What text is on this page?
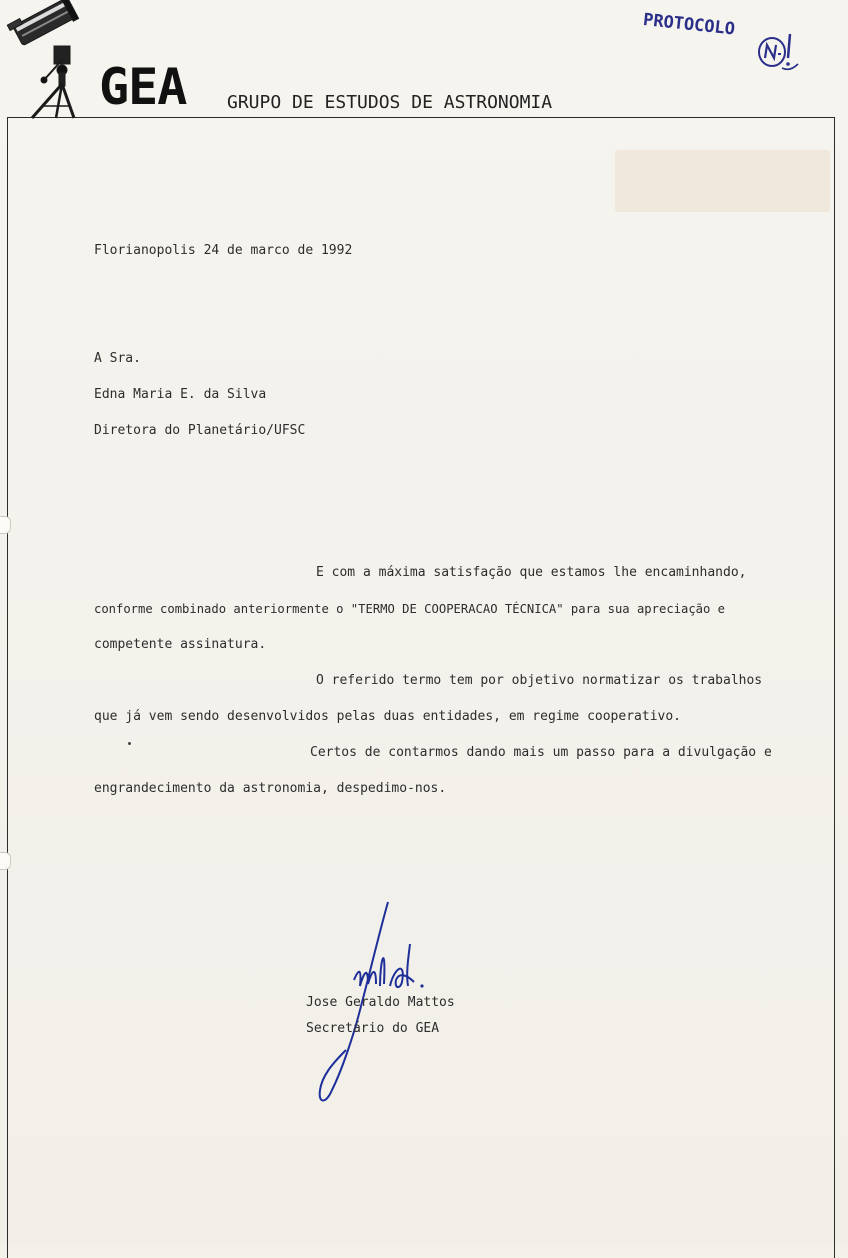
GEA GRUPO DE ESTUDOS DE ASTRONOMIA
PROTOCOLO
Florianopolis 24 de marco de 1992
A Sra.
Edna Maria E. da Silva
Diretora do Planetário/UFSC
E com a máxima satisfação que estamos lhe encaminhando,
conforme combinado anteriormente o "TERMO DE COOPERACAO TÉCNICA" para sua apreciação e
competente assinatura.
O referido termo tem por objetivo normatizar os trabalhos
que já vem sendo desenvolvidos pelas duas entidades, em regime cooperativo.
Certos de contarmos dando mais um passo para a divulgação e
engrandecimento da astronomia, despedimo-nos.
Jose Geraldo Mattos
Secretário do GEA
